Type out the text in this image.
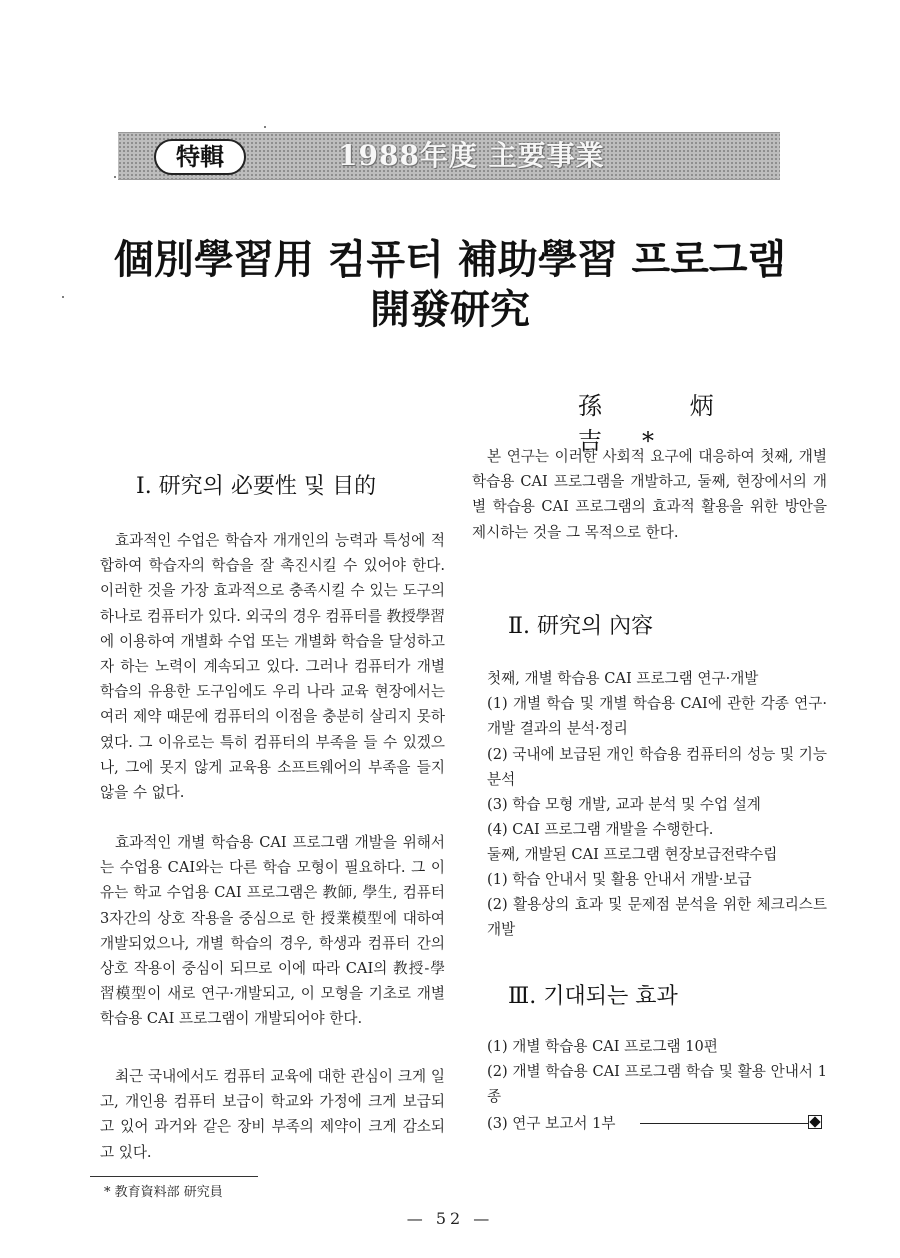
特輯	1988年度 主要事業
個別學習用 컴퓨터 補助學習 프로그램
開發研究
孫 炳 吉*
Ⅰ. 研究의 必要性 및 目的

효과적인 수업은 학습자 개개인의 능력과 특성에 적합하여 학습자의 학습을 잘 촉진시킬 수 있어야 한다. 이러한 것을 가장 효과적으로 충족시킬 수 있는 도구의 하나로 컴퓨터가 있다. 외국의 경우 컴퓨터를 教授學習에 이용하여 개별화 수업 또는 개별화 학습을 달성하고자 하는 노력이 계속되고 있다. 그러나 컴퓨터가 개별 학습의 유용한 도구임에도 우리 나라 교육 현장에서는 여러 제약 때문에 컴퓨터의 이점을 충분히 살리지 못하였다. 그 이유로는 특히 컴퓨터의 부족을 들 수 있겠으나, 그에 못지 않게 교육용 소프트웨어의 부족을 들지 않을 수 없다.

효과적인 개별 학습용 CAI 프로그램 개발을 위해서는 수업용 CAI와는 다른 학습 모형이 필요하다. 그 이유는 학교 수업용 CAI 프로그램은 教師, 學生, 컴퓨터 3자간의 상호 작용을 중심으로 한 授業模型에 대하여 개발되었으나, 개별 학습의 경우, 학생과 컴퓨터 간의 상호 작용이 중심이 되므로 이에 따라 CAI의 教授-學習模型이 새로 연구·개발되고, 이 모형을 기초로 개별 학습용 CAI 프로그램이 개발되어야 한다.

최근 국내에서도 컴퓨터 교육에 대한 관심이 크게 일고, 개인용 컴퓨터 보급이 학교와 가정에 크게 보급되고 있어 과거와 같은 장비 부족의 제약이 크게 감소되고 있다.

* 教育資料部 研究員

본 연구는 이러한 사회적 요구에 대응하여 첫째, 개별 학습용 CAI 프로그램을 개발하고, 둘째, 현장에서의 개별 학습용 CAI 프로그램의 효과적 활용을 위한 방안을 제시하는 것을 그 목적으로 한다.

Ⅱ. 研究의 內容

첫째, 개별 학습용 CAI 프로그램 연구·개발

(1) 개별 학습 및 개별 학습용 CAI에 관한 각종 연구·개발 결과의 분석·정리

(2) 국내에 보급된 개인 학습용 컴퓨터의 성능 및 기능 분석

(3) 학습 모형 개발, 교과 분석 및 수업 설계

(4) CAI 프로그램 개발을 수행한다.

둘째, 개발된 CAI 프로그램 현장보급전략수립

(1) 학습 안내서 및 활용 안내서 개발·보급

(2) 활용상의 효과 및 문제점 분석을 위한 체크리스트 개발

Ⅲ. 기대되는 효과

(1) 개별 학습용 CAI 프로그램 10편

(2) 개별 학습용 CAI 프로그램 학습 및 활용 안내서 1종

(3) 연구 보고서 1부

— 52 —
